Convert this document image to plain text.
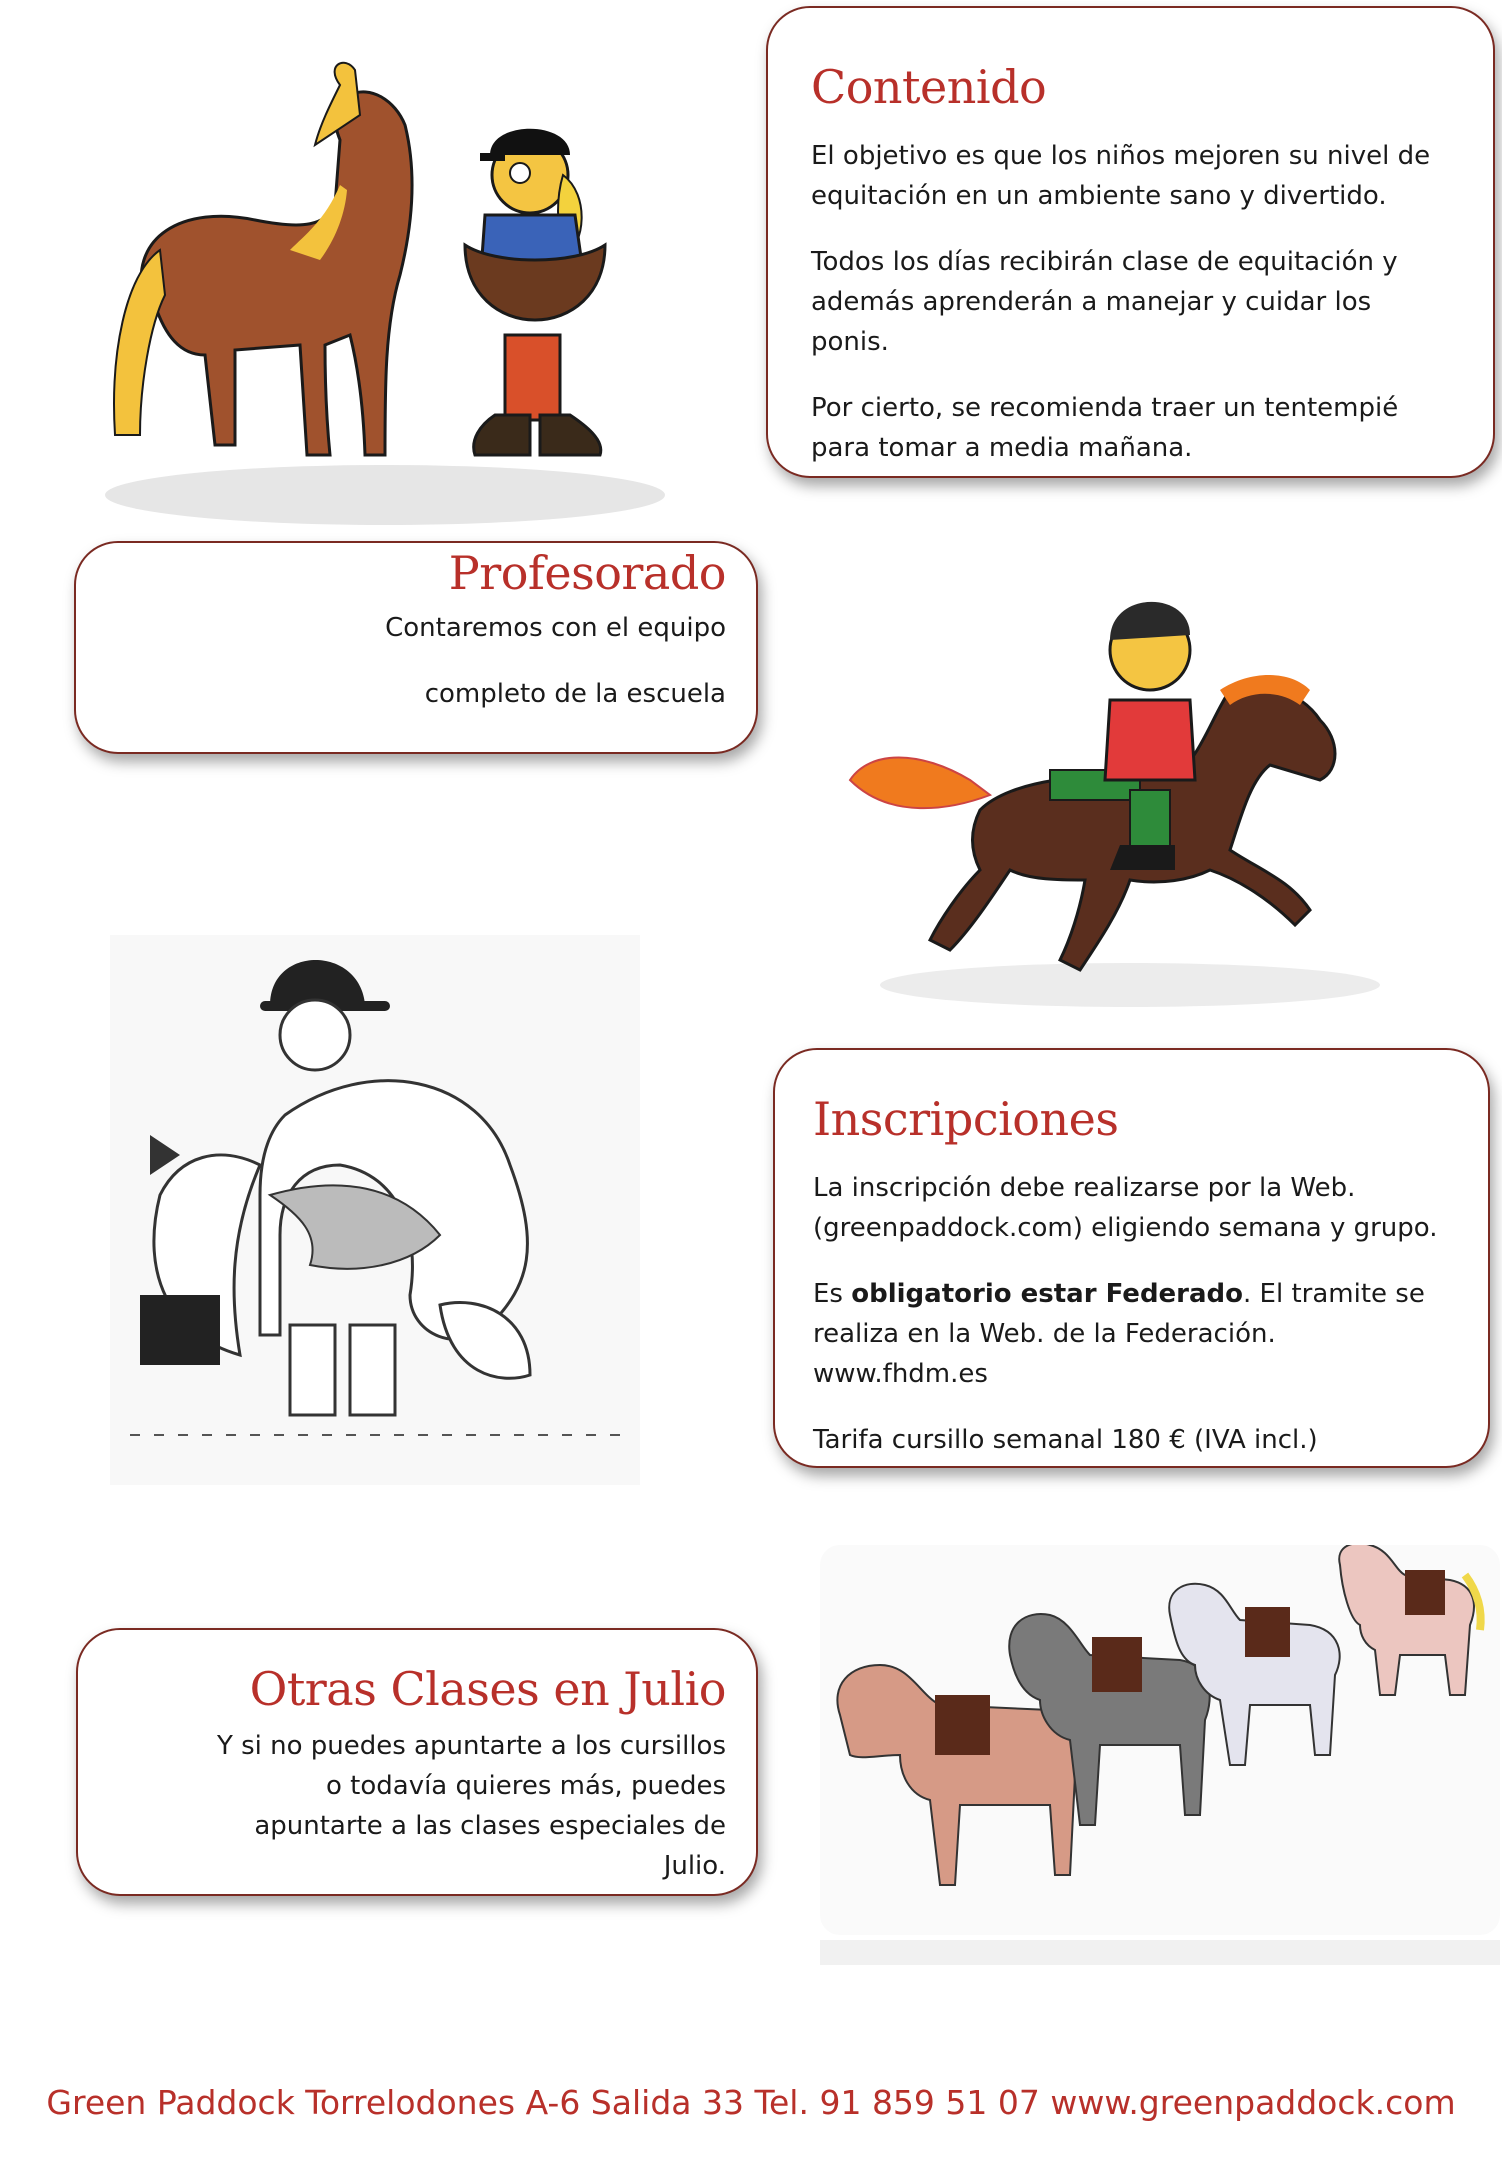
Contenido

El objetivo es que los niños mejoren su nivel de equitación en un ambiente sano y divertido.

Todos los días recibirán clase de equitación y además aprenderán a manejar y cuidar los ponis.

Por cierto, se recomienda traer un tentempié para tomar a media mañana.

Profesorado

Contaremos con el equipo

completo de la escuela

Inscripciones

La inscripción debe realizarse por la Web. (greenpaddock.com) eligiendo semana y grupo.

Es obligatorio estar Federado. El tramite se realiza en la Web. de la Federación. www.fhdm.es

Tarifa cursillo semanal 180 € (IVA incl.)

Otras Clases en Julio

Y si no puedes apuntarte a los cursillos o todavía quieres más, puedes apuntarte a las clases especiales de Julio.

Green Paddock Torrelodones A-6 Salida 33 Tel. 91 859 51 07 www.greenpaddock.com
